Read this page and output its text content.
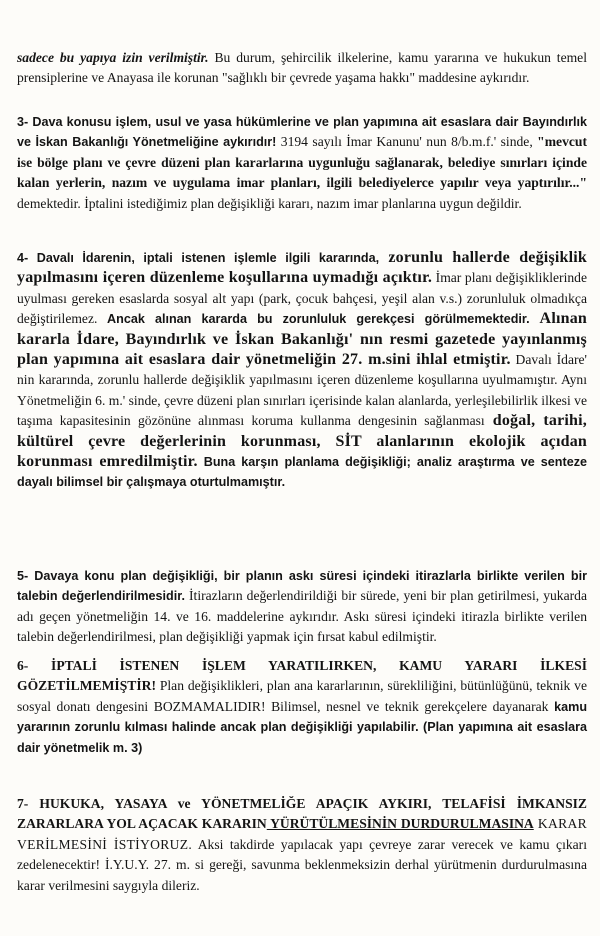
sadece bu yapıya izin verilmiştir. Bu durum, şehircilik ilkelerine, kamu yararına ve hukukun temel prensiplerine ve Anayasa ile korunan "sağlıklı bir çevrede yaşama hakkı" maddesine aykırıdır.

3- Dava konusu işlem, usul ve yasa hükümlerine ve plan yapımına ait esaslara dair Bayındırlık ve İskan Bakanlığı Yönetmeliğine aykırıdır! 3194 sayılı İmar Kanunu' nun 8/b.m.f.' sinde, "mevcut ise bölge planı ve çevre düzeni plan kararlarına uygunluğu sağlanarak, belediye sınırları içinde kalan yerlerin, nazım ve uygulama imar planları, ilgili belediyelerce yapılır veya yaptırılır..." demektedir. İptalini istediğimiz plan değişikliği kararı, nazım imar planlarına uygun değildir.

4- Davalı İdarenin, iptali istenen işlemle ilgili kararında, zorunlu hallerde değişiklik yapılmasını içeren düzenleme koşullarına uymadığı açıktır. İmar planı değişikliklerinde uyulması gereken esaslarda sosyal alt yapı (park, çocuk bahçesi, yeşil alan v.s.) zorunluluk olmadıkça değiştirilemez. Ancak alınan kararda bu zorunluluk gerekçesi görülmemektedir. Alınan kararla İdare, Bayındırlık ve İskan Bakanlığı' nın resmi gazetede yayınlanmış plan yapımına ait esaslara dair yönetmeliğin 27. m.sini ihlal etmiştir. Davalı İdare' nin kararında, zorunlu hallerde değişiklik yapılmasını içeren düzenleme koşullarına uyulmamıştır. Aynı Yönetmeliğin 6. m.' sinde, çevre düzeni plan sınırları içerisinde kalan alanlarda, yerleşilebilirlik ilkesi ve taşıma kapasitesinin gözönüne alınması koruma kullanma dengesinin sağlanması doğal, tarihi, kültürel çevre değerlerinin korunması, SİT alanlarının ekolojik açıdan korunması emredilmiştir. Buna karşın planlama değişikliği; analiz araştırma ve senteze dayalı bilimsel bir çalışmaya oturtulmamıştır.

5- Davaya konu plan değişikliği, bir planın askı süresi içindeki itirazlarla birlikte verilen bir talebin değerlendirilmesidir. İtirazların değerlendirildiği bir sürede, yeni bir plan getirilmesi, yukarda adı geçen yönetmeliğin 14. ve 16. maddelerine aykırıdır. Askı süresi içindeki itirazla birlikte verilen talebin değerlendirilmesi, plan değişikliği yapmak için fırsat kabul edilmiştir.

6- İPTALİ İSTENEN İŞLEM YARATILIRKEN, KAMU YARARI İLKESİ GÖZETİLMEMİŞTİR! Plan değişiklikleri, plan ana kararlarının, sürekliliğini, bütünlüğünü, teknik ve sosyal donatı dengesini BOZMAMALIDIR! Bilimsel, nesnel ve teknik gerekçelere dayanarak kamu yararının zorunlu kılması halinde ancak plan değişikliği yapılabilir. (Plan yapımına ait esaslara dair yönetmelik m. 3)

7- HUKUKA, YASAYA ve YÖNETMELİĞE APAÇIK AYKIRI, TELAFİSİ İMKANSIZ ZARARLARA YOL AÇACAK KARARIN YÜRÜTÜLMESİNİN DURDURULMASINA KARAR VERİLMESİNİ İSTİYORUZ. Aksi takdirde yapılacak yapı çevreye zarar verecek ve kamu çıkarı zedelenecektir! İ.Y.U.Y. 27. m. si gereği, savunma beklenmeksizin derhal yürütmenin durdurulmasına karar verilmesini saygıyla dileriz.
